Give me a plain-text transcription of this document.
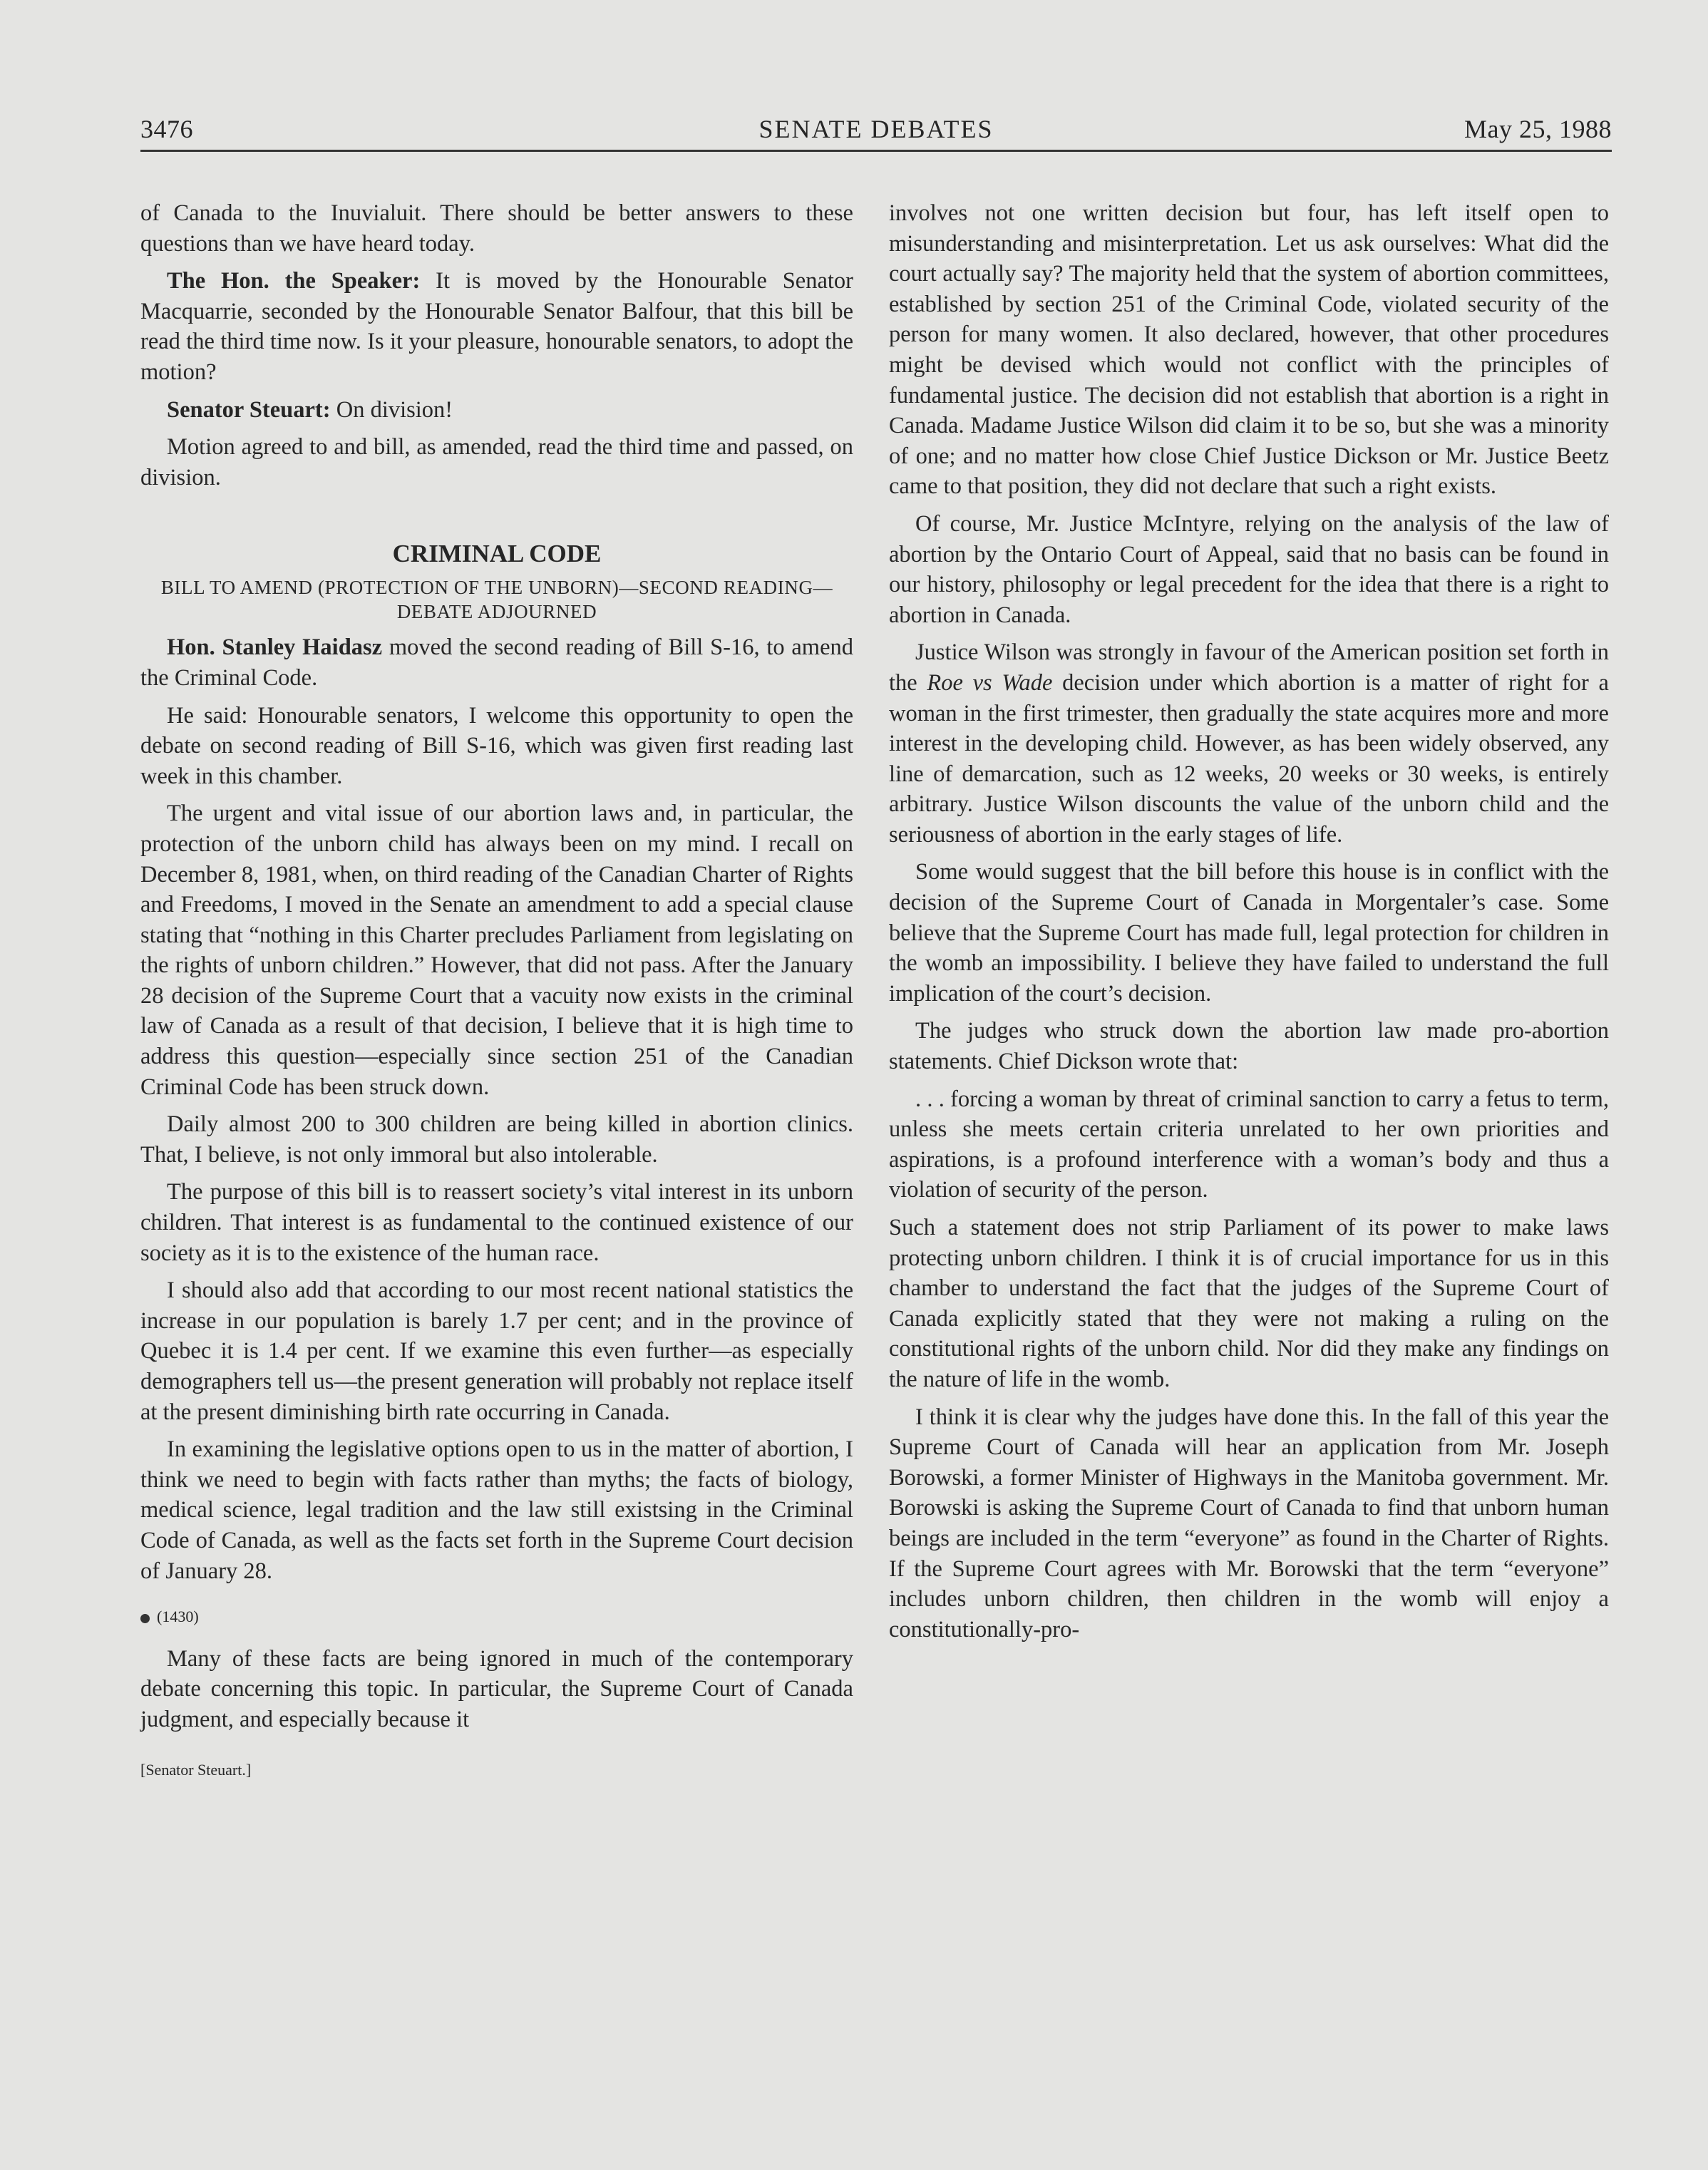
3476	SENATE DEBATES	May 25, 1988

of Canada to the Inuvialuit. There should be better answers to these questions than we have heard today.

The Hon. the Speaker: It is moved by the Honourable Senator Macquarrie, seconded by the Honourable Senator Balfour, that this bill be read the third time now. Is it your pleasure, honourable senators, to adopt the motion?

Senator Steuart: On division!

Motion agreed to and bill, as amended, read the third time and passed, on division.

CRIMINAL CODE
BILL TO AMEND (PROTECTION OF THE UNBORN)—SECOND READING—DEBATE ADJOURNED

Hon. Stanley Haidasz moved the second reading of Bill S-16, to amend the Criminal Code.

He said: Honourable senators, I welcome this opportunity to open the debate on second reading of Bill S-16, which was given first reading last week in this chamber.

The urgent and vital issue of our abortion laws and, in particular, the protection of the unborn child has always been on my mind. I recall on December 8, 1981, when, on third reading of the Canadian Charter of Rights and Freedoms, I moved in the Senate an amendment to add a special clause stating that “nothing in this Charter precludes Parliament from legislating on the rights of unborn children.” However, that did not pass. After the January 28 decision of the Supreme Court that a vacuity now exists in the criminal law of Canada as a result of that decision, I believe that it is high time to address this question—especially since section 251 of the Canadian Criminal Code has been struck down.

Daily almost 200 to 300 children are being killed in abortion clinics. That, I believe, is not only immoral but also intolerable.

The purpose of this bill is to reassert society’s vital interest in its unborn children. That interest is as fundamental to the continued existence of our society as it is to the existence of the human race.

I should also add that according to our most recent national statistics the increase in our population is barely 1.7 per cent; and in the province of Quebec it is 1.4 per cent. If we examine this even further—as especially demographers tell us—the present generation will probably not replace itself at the present diminishing birth rate occurring in Canada.

In examining the legislative options open to us in the matter of abortion, I think we need to begin with facts rather than myths; the facts of biology, medical science, legal tradition and the law still existsing in the Criminal Code of Canada, as well as the facts set forth in the Supreme Court decision of January 28.

(1430)

Many of these facts are being ignored in much of the contemporary debate concerning this topic. In particular, the Supreme Court of Canada judgment, and especially because it

[Senator Steuart.]

involves not one written decision but four, has left itself open to misunderstanding and misinterpretation. Let us ask ourselves: What did the court actually say? The majority held that the system of abortion committees, established by section 251 of the Criminal Code, violated security of the person for many women. It also declared, however, that other procedures might be devised which would not conflict with the principles of fundamental justice. The decision did not establish that abortion is a right in Canada. Madame Justice Wilson did claim it to be so, but she was a minority of one; and no matter how close Chief Justice Dickson or Mr. Justice Beetz came to that position, they did not declare that such a right exists.

Of course, Mr. Justice McIntyre, relying on the analysis of the law of abortion by the Ontario Court of Appeal, said that no basis can be found in our history, philosophy or legal precedent for the idea that there is a right to abortion in Canada.

Justice Wilson was strongly in favour of the American position set forth in the Roe vs Wade decision under which abortion is a matter of right for a woman in the first trimester, then gradually the state acquires more and more interest in the developing child. However, as has been widely observed, any line of demarcation, such as 12 weeks, 20 weeks or 30 weeks, is entirely arbitrary. Justice Wilson discounts the value of the unborn child and the seriousness of abortion in the early stages of life.

Some would suggest that the bill before this house is in conflict with the decision of the Supreme Court of Canada in Morgentaler’s case. Some believe that the Supreme Court has made full, legal protection for children in the womb an impossibility. I believe they have failed to understand the full implication of the court’s decision.

The judges who struck down the abortion law made pro-abortion statements. Chief Dickson wrote that:

. . . forcing a woman by threat of criminal sanction to carry a fetus to term, unless she meets certain criteria unrelated to her own priorities and aspirations, is a profound interference with a woman’s body and thus a violation of security of the person.

Such a statement does not strip Parliament of its power to make laws protecting unborn children. I think it is of crucial importance for us in this chamber to understand the fact that the judges of the Supreme Court of Canada explicitly stated that they were not making a ruling on the constitutional rights of the unborn child. Nor did they make any findings on the nature of life in the womb.

I think it is clear why the judges have done this. In the fall of this year the Supreme Court of Canada will hear an application from Mr. Joseph Borowski, a former Minister of Highways in the Manitoba government. Mr. Borowski is asking the Supreme Court of Canada to find that unborn human beings are included in the term “everyone” as found in the Charter of Rights. If the Supreme Court agrees with Mr. Borowski that the term “everyone” includes unborn children, then children in the womb will enjoy a constitutionally-pro-
